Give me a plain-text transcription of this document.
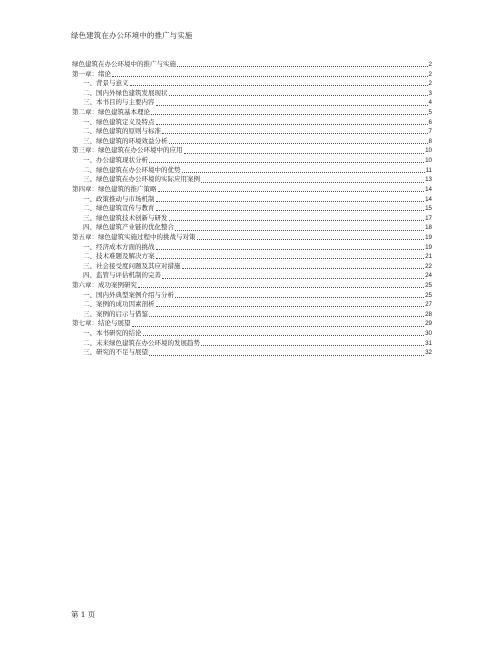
绿色建筑在办公环境中的推广与实施
绿色建筑在办公环境中的推广与实施	2
第一章：绪论	2
一、背景与意义	2
二、国内外绿色建筑发展现状	3
三、本书目的与主要内容	4
第二章：绿色建筑基本理论	5
一、绿色建筑定义及特点	6
二、绿色建筑的原则与标准	7
三、绿色建筑的环境效益分析	8
第三章：绿色建筑在办公环境中的应用	10
一、办公建筑现状分析	10
二、绿色建筑在办公环境中的优势	11
三、绿色建筑在办公环境的实际应用案例	13
第四章：绿色建筑的推广策略	14
一、政策推动与市场机制	14
二、绿色建筑宣传与教育	15
三、绿色建筑技术创新与研发	17
四、绿色建筑产业链的优化整合	18
第五章：绿色建筑实施过程中的挑战与对策	19
一、经济成本方面的挑战	19
二、技术难题及解决方案	21
三、社会接受度问题及其应对措施	22
四、监管与评估机制的完善	24
第六章：成功案例研究	25
一、国内外典型案例介绍与分析	25
二、案例的成功因素剖析	27
三、案例的启示与借鉴	28
第七章：结论与展望	29
一、本书研究的结论	30
二、未来绿色建筑在办公环境的发展趋势	31
三、研究的不足与展望	32
第 1 页
